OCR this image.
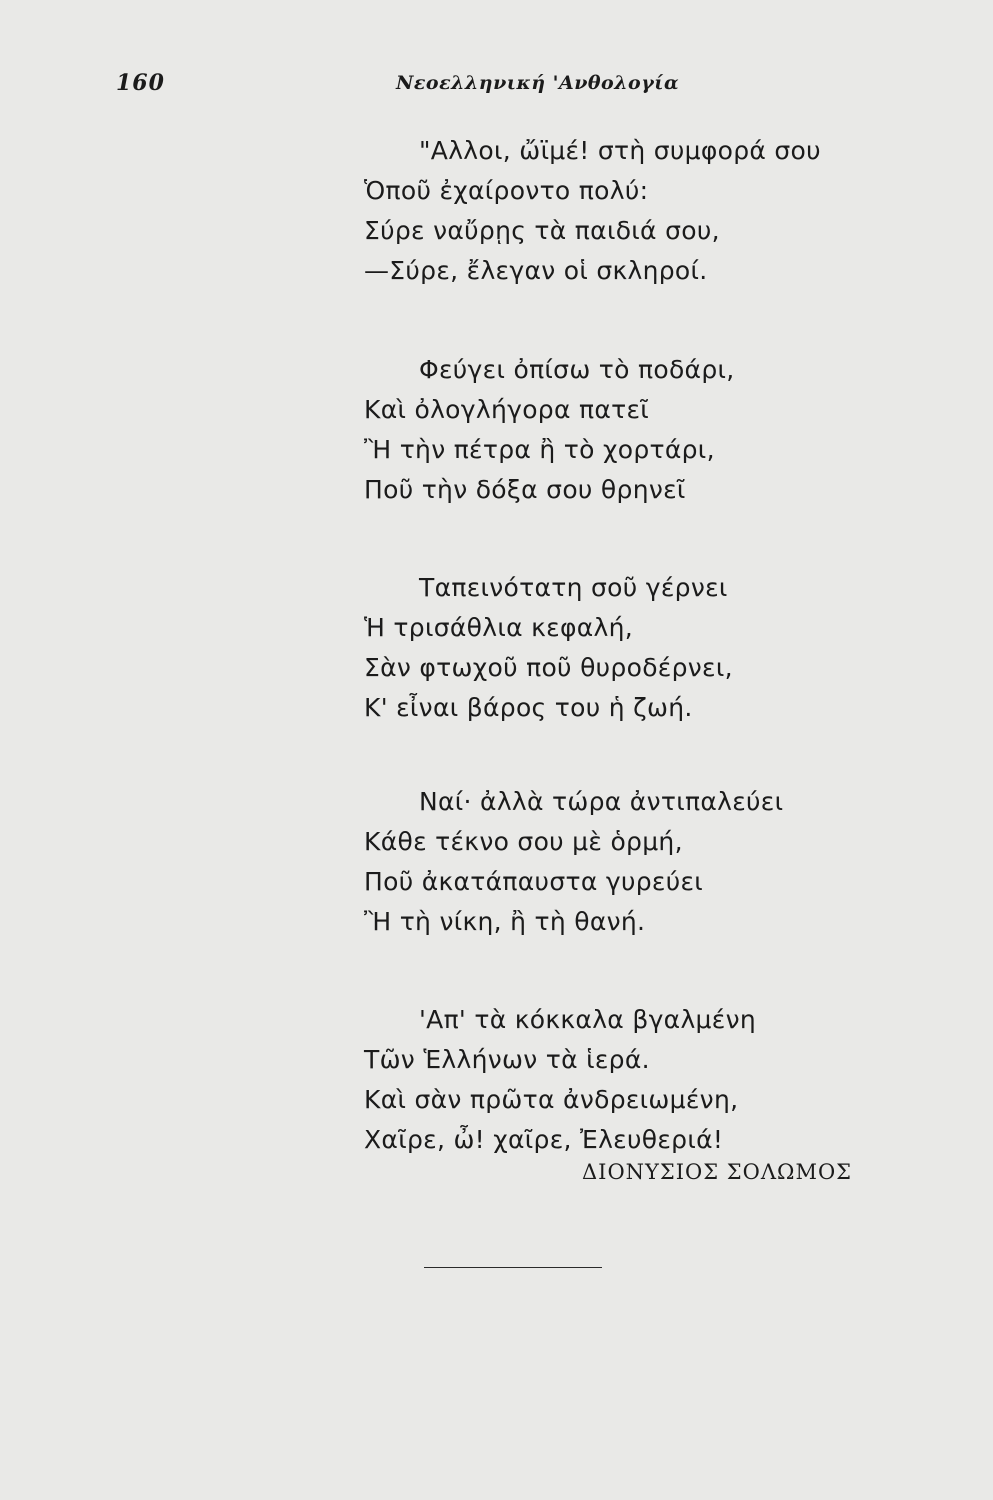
160	Νεοελληνική 'Ανθολογία
"Αλλοι, ὤϊμέ! στὴ συμφορά σου
Ὁποῦ ἐχαίροντο πολύ:
Σύρε ναὔρῃς τὰ παιδιά σου,
—Σύρε, ἔλεγαν οἱ σκληροί.
Φεύγει ὀπίσω τὸ ποδάρι,
Καὶ ὀλογλήγορα πατεῖ
Ἢ τὴν πέτρα ἢ τὸ χορτάρι,
Ποῦ τὴν δόξα σου θρηνεῖ
Ταπεινότατη σοῦ γέρνει
Ἡ τρισάθλια κεφαλή,
Σὰν φτωχοῦ ποῦ θυροδέρνει,
Κ' εἶναι βάρος του ἡ ζωή.
Ναί· ἀλλὰ τώρα ἀντιπαλεύει
Κάθε τέκνο σου μὲ ὁρμή,
Ποῦ ἀκατάπαυστα γυρεύει
Ἢ τὴ νίκη, ἢ τὴ θανή.
'Απ' τὰ κόκκαλα βγαλμένη
Τῶν Ἑλλήνων τὰ ἱερά.
Καὶ σὰν πρῶτα ἀνδρειωμένη,
Χαῖρε, ὦ! χαῖρε, Ἐλευθεριά!
ΔΙΟΝΥΣΙΟΣ ΣΟΛΩΜΟΣ
